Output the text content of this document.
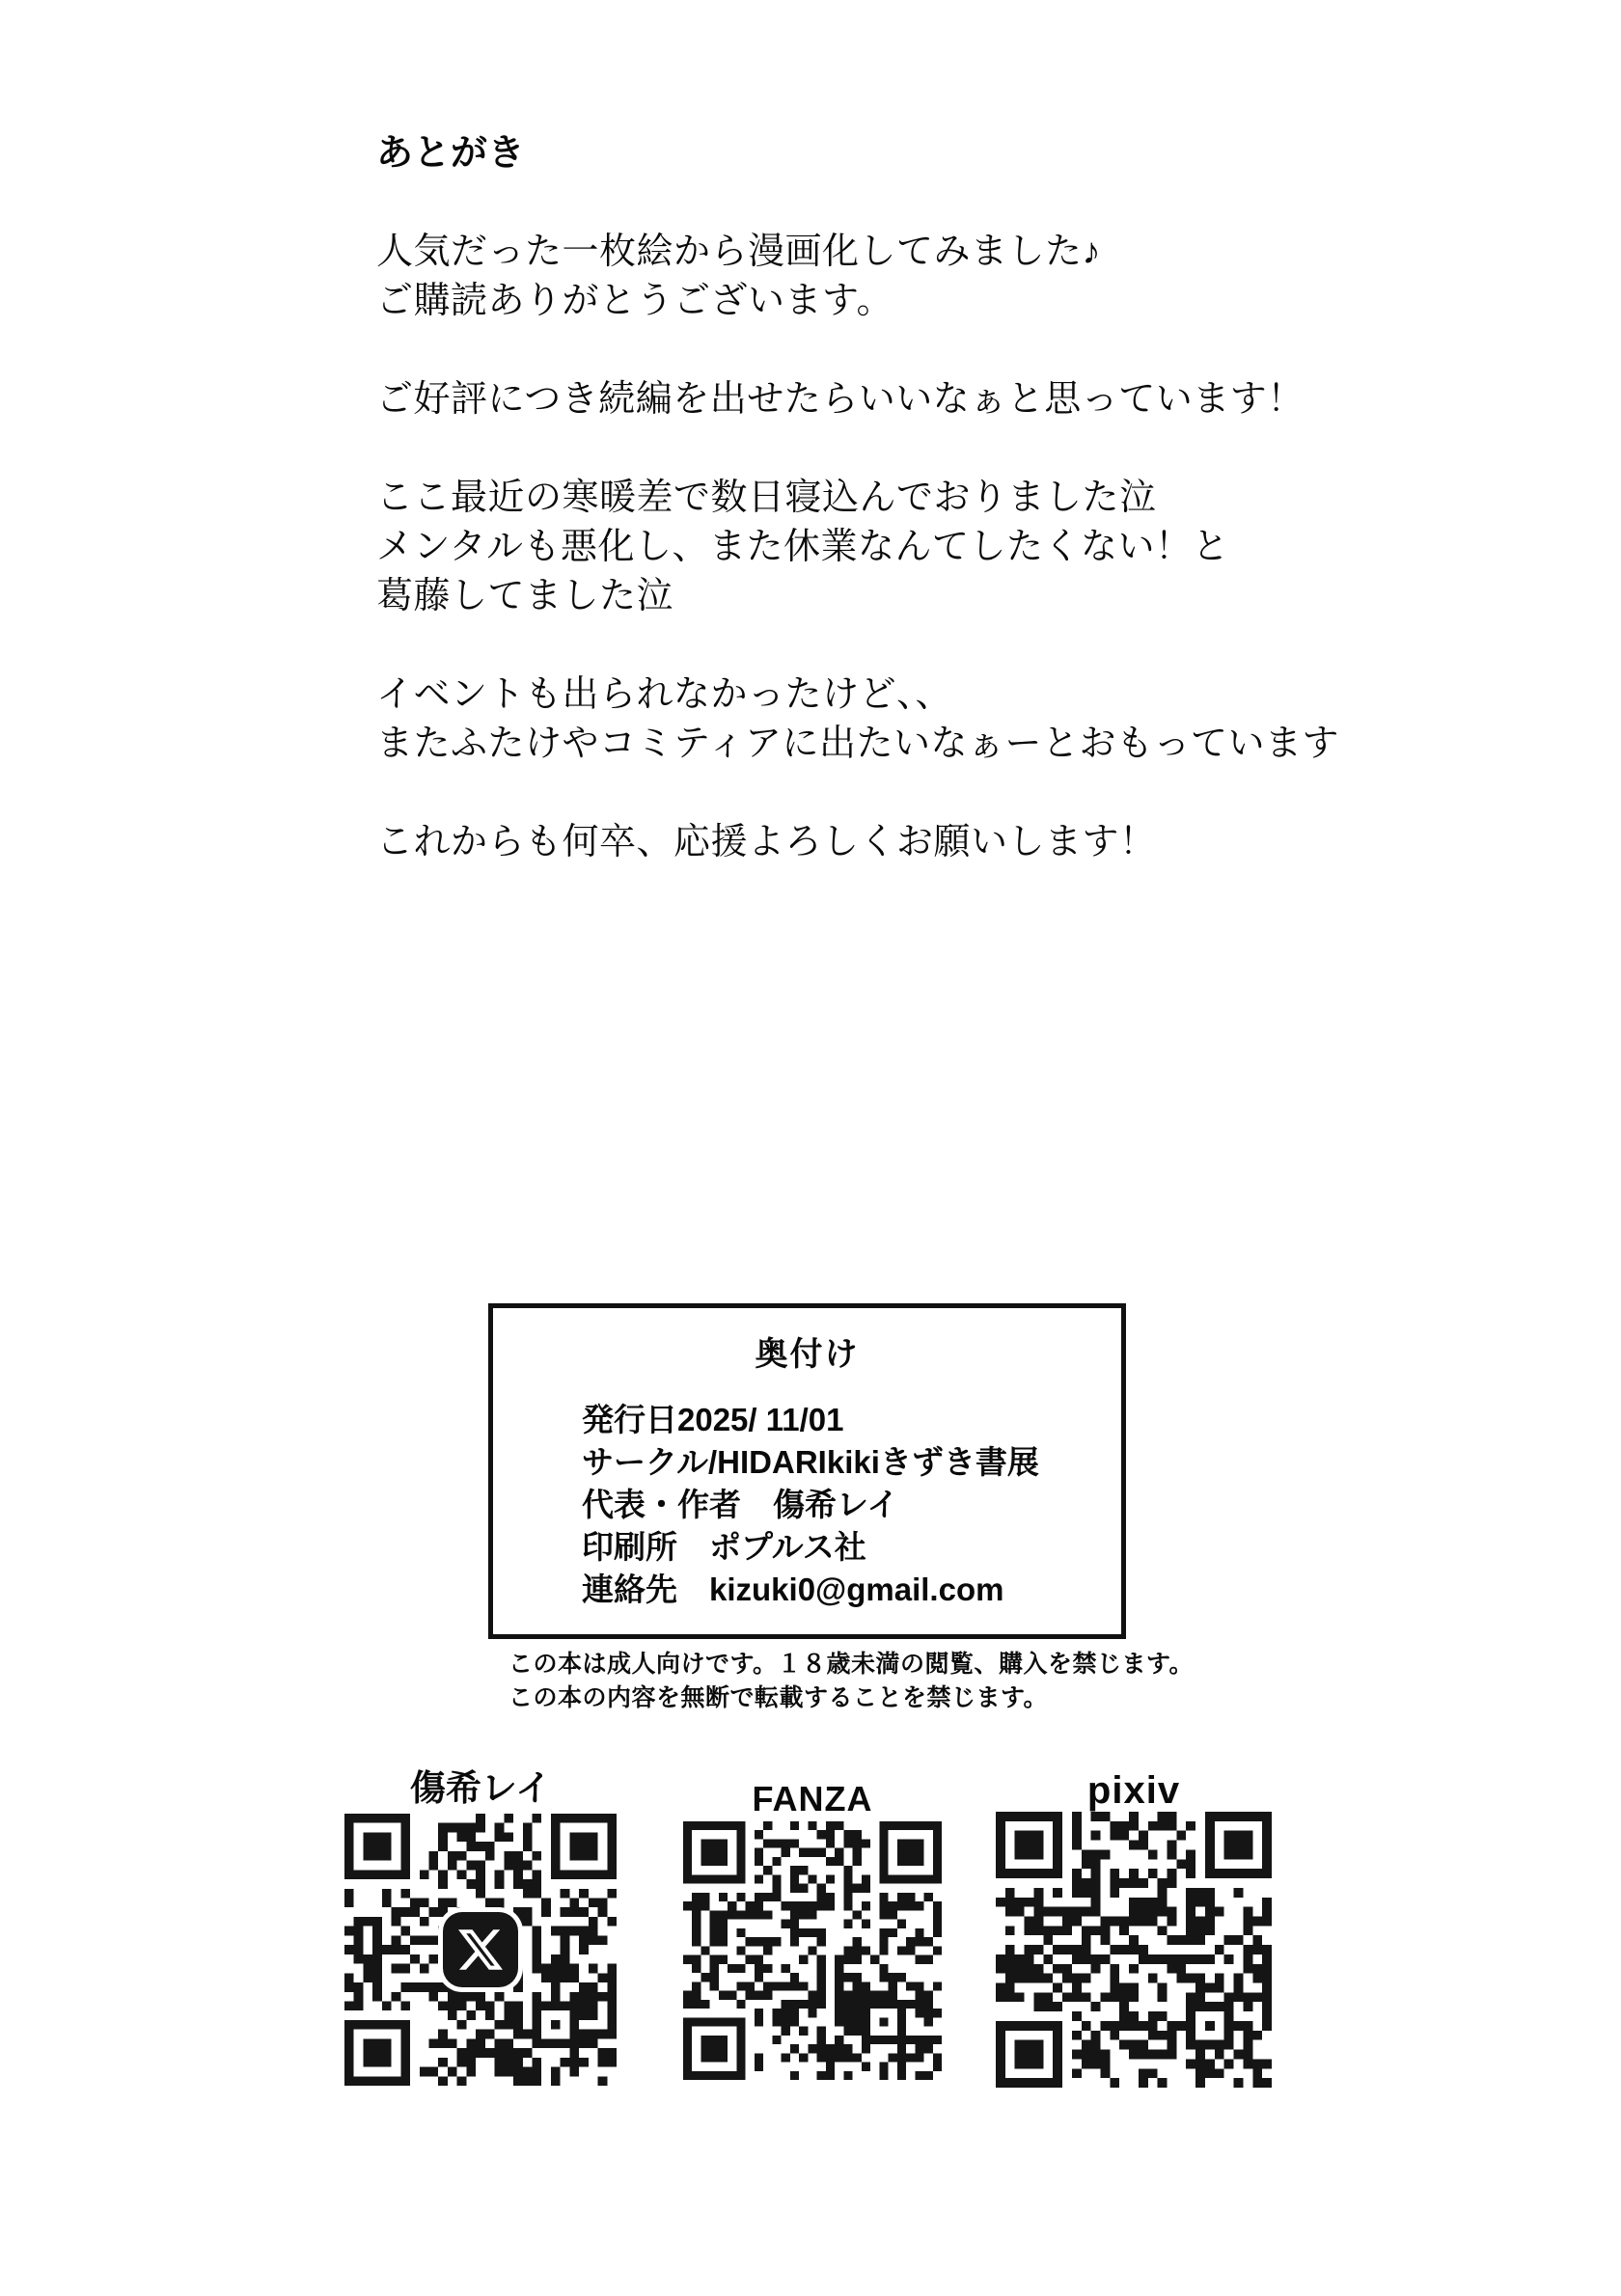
あとがき

人気だった一枚絵から漫画化してみました♪
ご購読ありがとうございます。

ご好評につき続編を出せたらいいなぁと思っています！

ここ最近の寒暖差で数日寝込んでおりました泣
メンタルも悪化し、また休業なんてしたくない！と
葛藤してました泣

イベントも出られなかったけど、、
またふたけやコミティアに出たいなぁーとおもっています

これからも何卒、応援よろしくお願いします！

奥付け
発行日2025/ 11/01
サークル/HIDARIkikiきずき書展
代表・作者　傷希レイ
印刷所　ポプルス社
連絡先　kizuki0@gmail.com
この本は成人向けです。１８歳未満の閲覧、購入を禁じます。
この本の内容を無断で転載することを禁じます。
傷希レイ	FANZA	pixiv
